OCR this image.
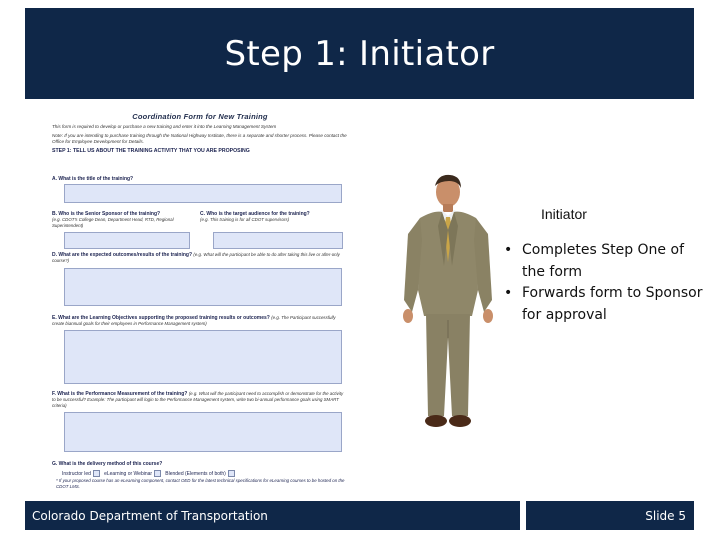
Step 1: Initiator
Coordination Form for New Training
This form is required to develop or purchase a new training and enter it into the Learning Management System
Note: If you are intending to purchase training through the National Highway Institute, there is a separate and shorter process. Please contact the Office for Employee Development for Details.
STEP 1: TELL US ABOUT THE TRAINING ACTIVITY THAT YOU ARE PROPOSING
A. What is the title of the training?
B. Who is the Senior Sponsor of the training?
(e.g. CDOT's College Dean, Department Head, RTD, Regional Superintendent)
C. Who is the target audience for the training?
(e.g. This training is for all CDOT supervisors)
D. What are the expected outcomes/results of the training? (e.g. What will the participant be able to do after taking this live or after-only course?)
E. What are the Learning Objectives supporting the proposed training results or outcomes? (e.g. The Participant successfully create biannual goals for their employees in Performance Management system)
F. What is the Performance Measurement of the training? (e.g. What will the participant need to accomplish or demonstrate for the activity to be successful? Example: The participant will login to the Performance Management system, write two bi-annual performance goals using SMART criteria)
G. What is the delivery method of this course?
Instructor led	eLearning or Webinar	Blended (Elements of both)
* If your proposed course has an eLearning component, contact OED for the latest technical specifications for eLearning courses to be hosted on the CDOT LMS.
Initiator
• Completes Step One of the form
• Forwards form to Sponsor for approval
Colorado Department of Transportation	Slide 5
